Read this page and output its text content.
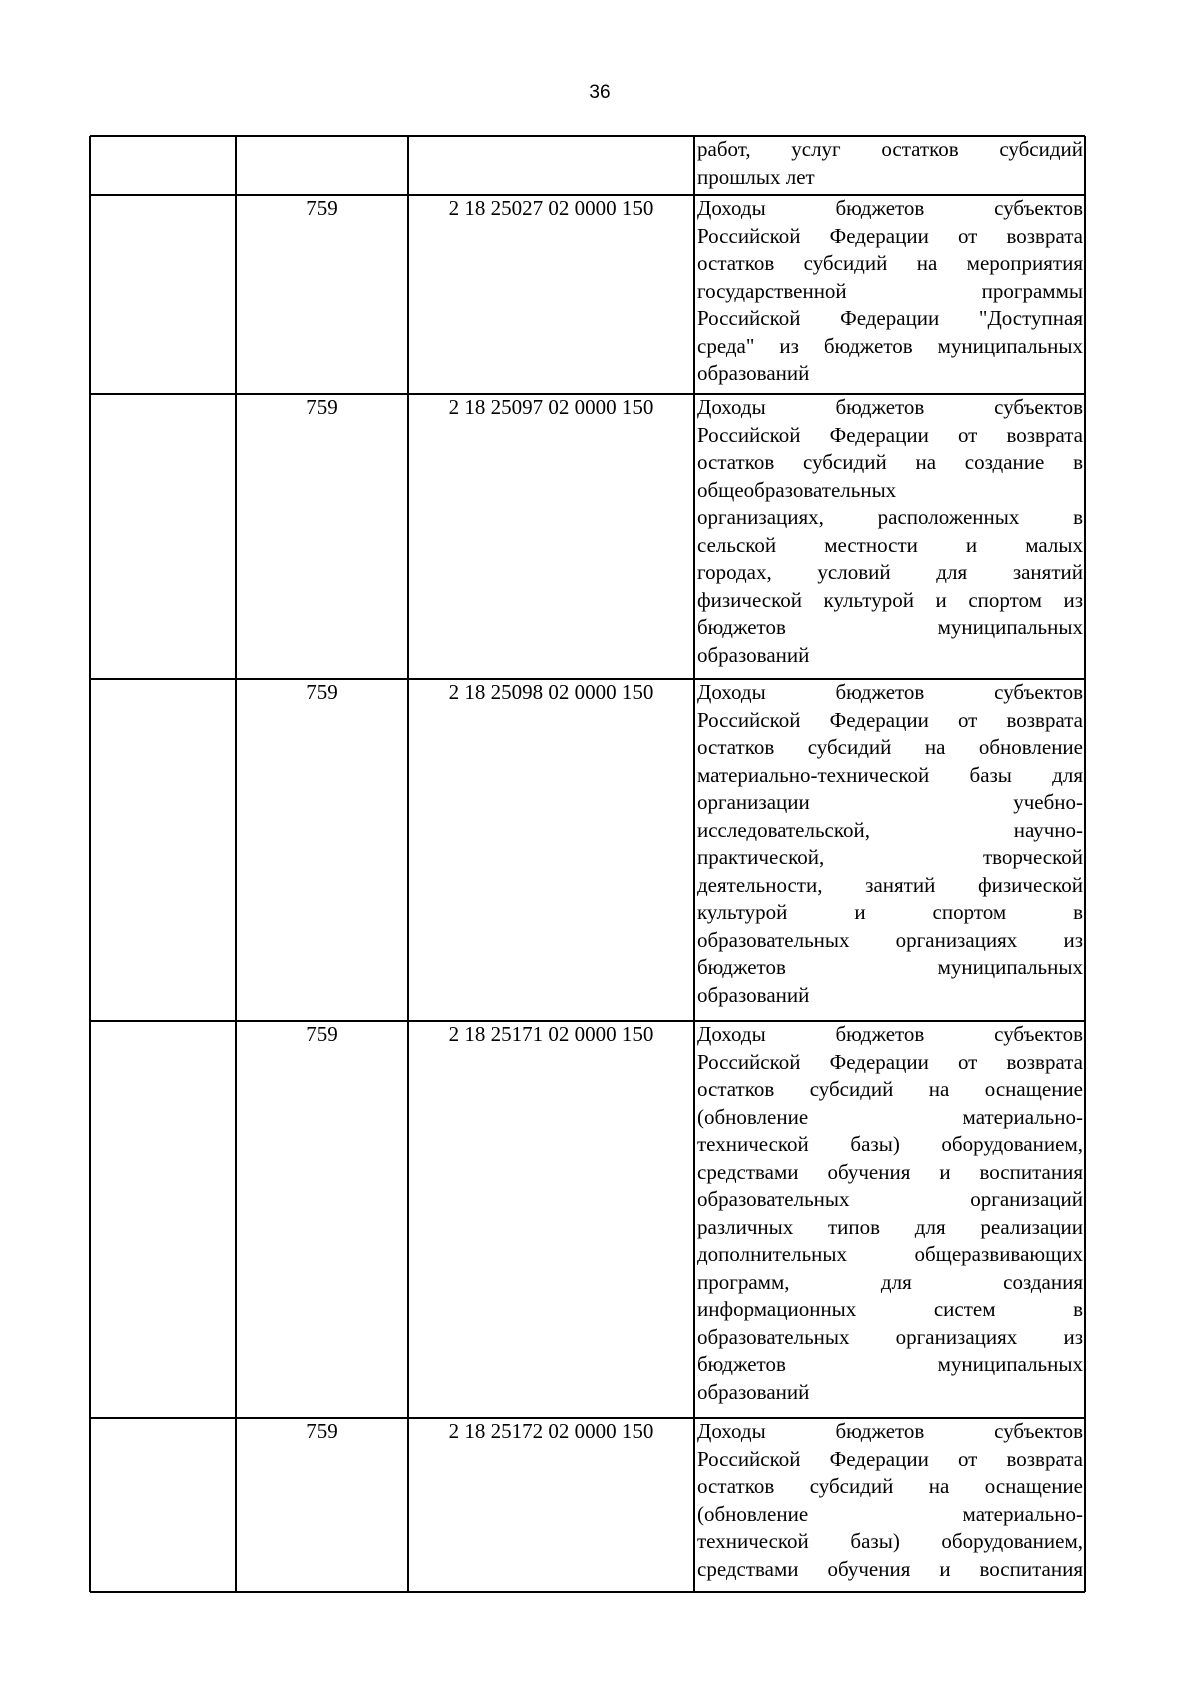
36
работ, услуг остатков субсидий
прошлых лет
759	2 18 25027 02 0000 150	Доходы бюджетов субъектов
Российской Федерации от возврата
остатков субсидий на мероприятия
государственной программы
Российской Федерации "Доступная
среда" из бюджетов муниципальных
образований
759	2 18 25097 02 0000 150	Доходы бюджетов субъектов
Российской Федерации от возврата
остатков субсидий на создание в
общеобразовательных
организациях, расположенных в
сельской местности и малых
городах, условий для занятий
физической культурой и спортом из
бюджетов муниципальных
образований
759	2 18 25098 02 0000 150	Доходы бюджетов субъектов
Российской Федерации от возврата
остатков субсидий на обновление
материально-технической базы для
организации учебно-
исследовательской, научно-
практической, творческой
деятельности, занятий физической
культурой и спортом в
образовательных организациях из
бюджетов муниципальных
образований
759	2 18 25171 02 0000 150	Доходы бюджетов субъектов
Российской Федерации от возврата
остатков субсидий на оснащение
(обновление материально-
технической базы) оборудованием,
средствами обучения и воспитания
образовательных организаций
различных типов для реализации
дополнительных общеразвивающих
программ, для создания
информационных систем в
образовательных организациях из
бюджетов муниципальных
образований
759	2 18 25172 02 0000 150	Доходы бюджетов субъектов
Российской Федерации от возврата
остатков субсидий на оснащение
(обновление материально-
технической базы) оборудованием,
средствами обучения и воспитания
